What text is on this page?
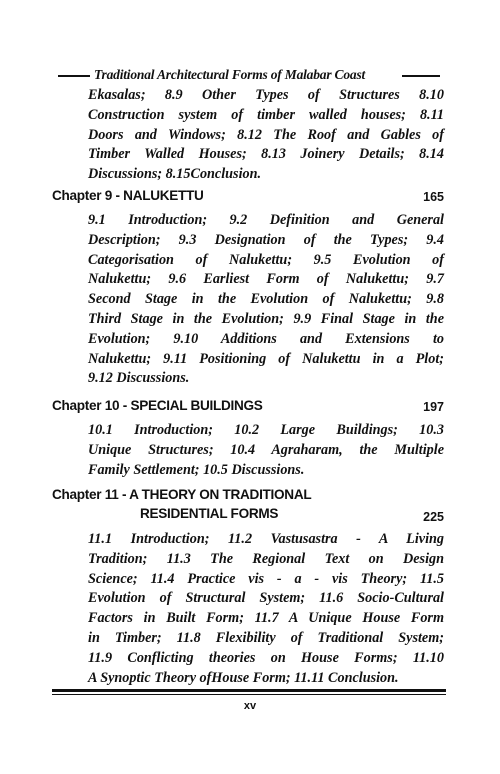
Traditional Architectural Forms of Malabar Coast
Ekasalas; 8.9 Other Types of Structures 8.10
Construction system of timber walled houses; 8.11
Doors and Windows; 8.12 The Roof and Gables of
Timber Walled Houses; 8.13 Joinery Details; 8.14
Discussions; 8.15Conclusion.
Chapter 9 - NALUKETTU	165
9.1 Introduction; 9.2 Definition and General
Description; 9.3 Designation of the Types; 9.4
Categorisation of Nalukettu; 9.5 Evolution of
Nalukettu; 9.6 Earliest Form of Nalukettu; 9.7
Second Stage in the Evolution of Nalukettu; 9.8
Third Stage in the Evolution; 9.9 Final Stage in the
Evolution; 9.10 Additions and Extensions to
Nalukettu; 9.11 Positioning of Nalukettu in a Plot;
9.12 Discussions.
Chapter 10 - SPECIAL BUILDINGS	197
10.1 Introduction; 10.2 Large Buildings; 10.3
Unique Structures; 10.4 Agraharam, the Multiple
Family Settlement; 10.5 Discussions.
Chapter 11 - A THEORY ON TRADITIONAL
RESIDENTIAL FORMS	225
11.1 Introduction; 11.2 Vastusastra - A Living
Tradition; 11.3 The Regional Text on Design
Science; 11.4 Practice vis - a - vis Theory; 11.5
Evolution of Structural System; 11.6 Socio-Cultural
Factors in Built Form; 11.7 A Unique House Form
in Timber; 11.8 Flexibility of Traditional System;
11.9 Conflicting theories on House Forms; 11.10
A Synoptic Theory ofHouse Form; 11.11 Conclusion.
xv
